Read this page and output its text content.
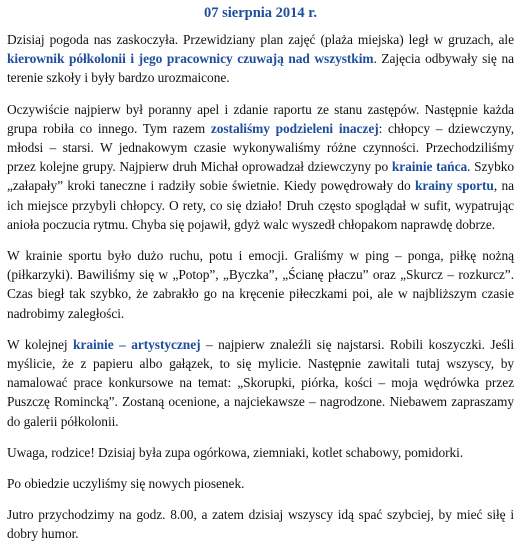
07 sierpnia 2014 r.

Dzisiaj pogoda nas zaskoczyła. Przewidziany plan zajęć (plaża miejska) legł w gruzach, ale kierownik półkolonii i jego pracownicy czuwają nad wszystkim. Zajęcia odbywały się na terenie szkoły i były bardzo urozmaicone.

Oczywiście najpierw był poranny apel i zdanie raportu ze stanu zastępów. Następnie każda grupa robiła co innego. Tym razem zostaliśmy podzieleni inaczej: chłopcy – dziewczyny, młodsi – starsi. W jednakowym czasie wykonywaliśmy różne czynności. Przechodziliśmy przez kolejne grupy. Najpierw druh Michał oprowadzał dziewczyny po krainie tańca. Szybko „załapały” kroki taneczne i radziły sobie świetnie. Kiedy powędrowały do krainy sportu, na ich miejsce przybyli chłopcy. O rety, co się działo! Druh często spoglądał w sufit, wypatrując anioła poczucia rytmu. Chyba się pojawił, gdyż walc wyszedł chłopakom naprawdę dobrze.

W krainie sportu było dużo ruchu, potu i emocji. Graliśmy w ping – ponga, piłkę nożną (piłkarzyki). Bawiliśmy się w „Potop”, „Byczka”, „Ścianę płaczu” oraz „Skurcz – rozkurcz”. Czas biegł tak szybko, że zabrakło go na kręcenie piłeczkami poi, ale w najbliższym czasie nadrobimy zaległości.

W kolejnej krainie – artystycznej – najpierw znaleźli się najstarsi. Robili koszyczki. Jeśli myślicie, że z papieru albo gałązek, to się mylicie. Następnie zawitali tutaj wszyscy, by namalować prace konkursowe na temat: „Skorupki, piórka, kości – moja wędrówka przez Puszczę Romincką”. Zostaną ocenione, a najciekawsze – nagrodzone. Niebawem zapraszamy do galerii półkolonii.

Uwaga, rodzice! Dzisiaj była zupa ogórkowa, ziemniaki, kotlet schabowy, pomidorki.

Po obiedzie uczyliśmy się nowych piosenek.

Jutro przychodzimy na godz. 8.00, a zatem dzisiaj wszyscy idą spać szybciej, by mieć siłę i dobry humor.
